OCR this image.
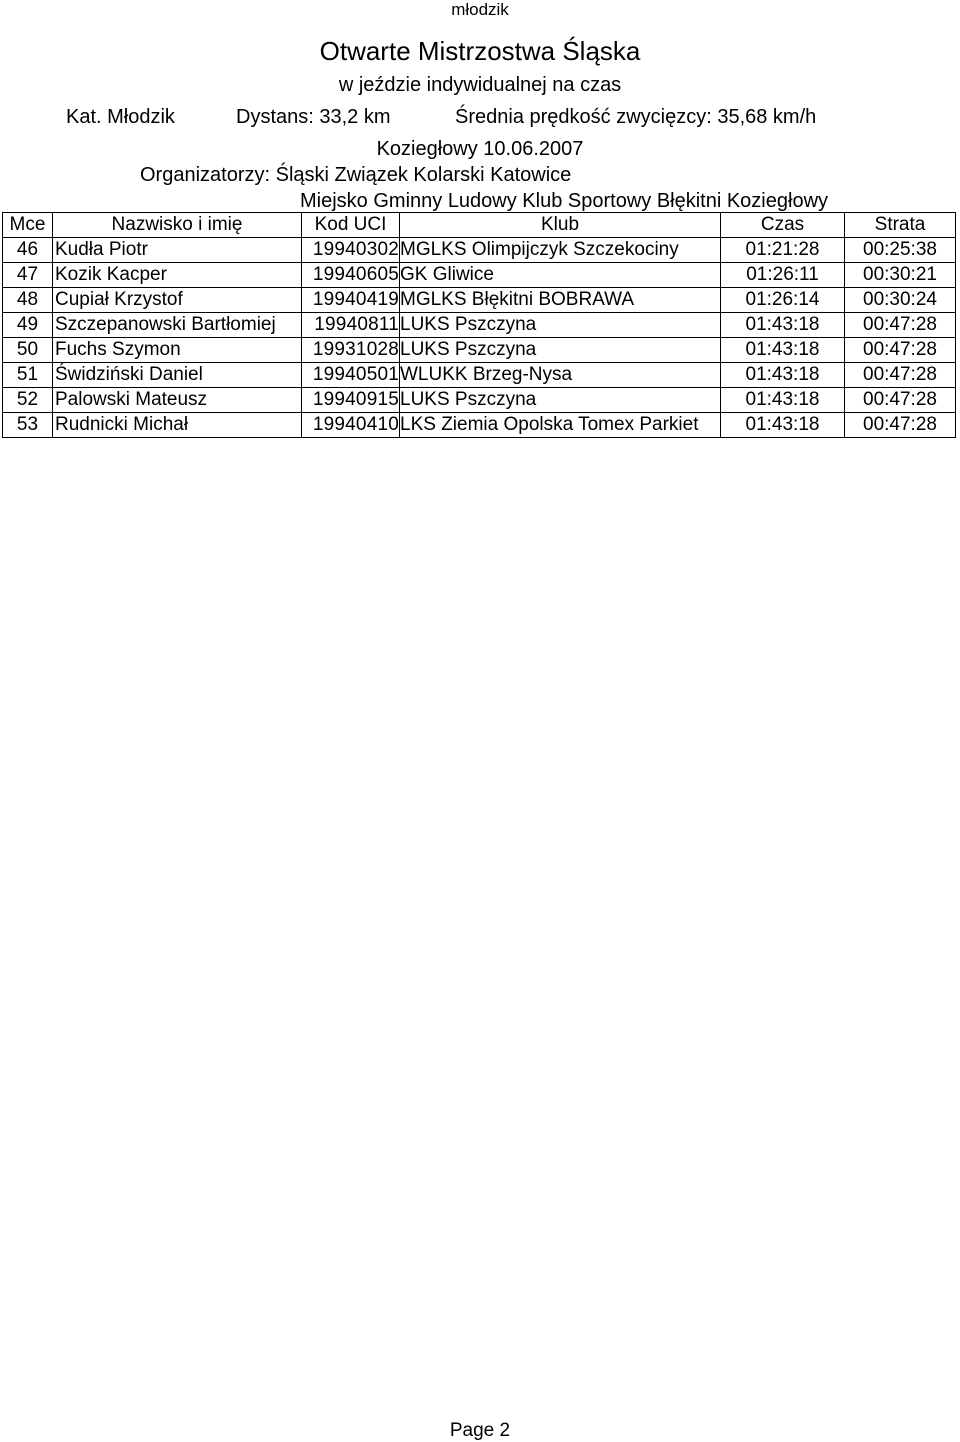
młodzik
Otwarte Mistrzostwa Śląska
w jeździe indywidualnej na czas
Kat. Młodzik	Dystans: 33,2 km	Średnia prędkość zwycięzcy: 35,68 km/h
Koziegłowy 10.06.2007
Organizatorzy: Śląski Związek Kolarski Katowice
Miejsko Gminny Ludowy Klub Sportowy Błękitni Koziegłowy
Mce	Nazwisko i imię	Kod UCI	Klub	Czas	Strata
46	Kudła Piotr	19940302	MGLKS Olimpijczyk Szczekociny	01:21:28	00:25:38
47	Kozik Kacper	19940605	GK Gliwice	01:26:11	00:30:21
48	Cupiał Krzystof	19940419	MGLKS Błękitni BOBRAWA	01:26:14	00:30:24
49	Szczepanowski Bartłomiej	19940811	LUKS Pszczyna	01:43:18	00:47:28
50	Fuchs Szymon	19931028	LUKS Pszczyna	01:43:18	00:47:28
51	Świdziński Daniel	19940501	WLUKK Brzeg-Nysa	01:43:18	00:47:28
52	Palowski Mateusz	19940915	LUKS Pszczyna	01:43:18	00:47:28
53	Rudnicki Michał	19940410	LKS Ziemia Opolska Tomex Parkiet	01:43:18	00:47:28
Page 2
